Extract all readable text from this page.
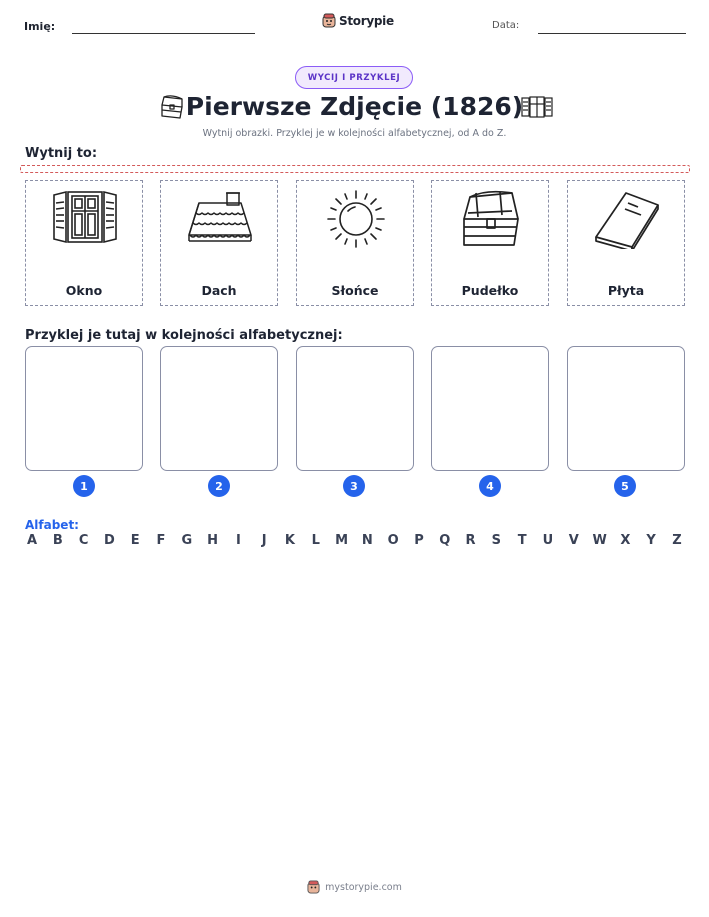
Imię:	Storypie	Data:
WYCIJ I PRZYKLEJ
Pierwsze Zdjęcie (1826)
Wytnij obrazki. Przyklej je w kolejności alfabetycznej, od A do Z.
Wytnij to:
Okno	Dach	Słońce	Pudełko	Płyta
Przyklej je tutaj w kolejności alfabetycznej:
1	2	3	4	5
Alfabet:
A B C D E F G H	I	J	K L M N O P Q R S T U V W X Y Z
mystorypie.com
